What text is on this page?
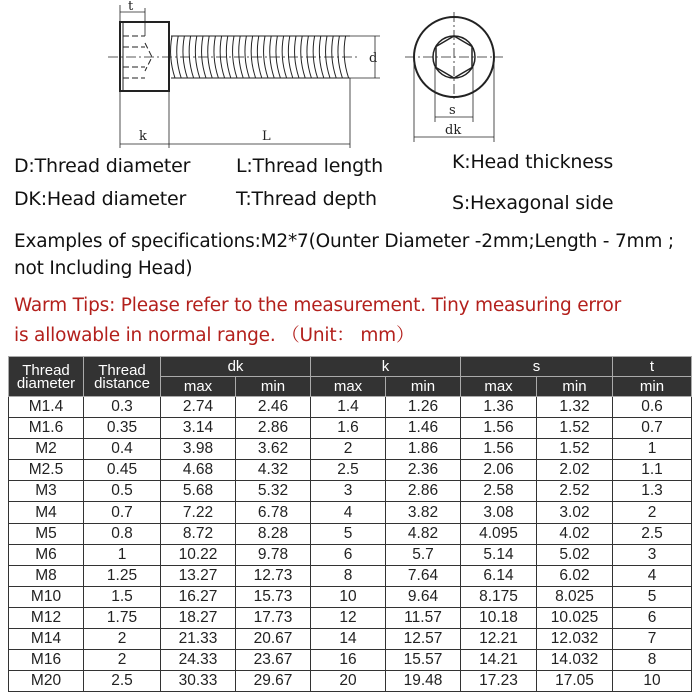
d
t
k	L
s
dk
D:Thread diameter L:Thread length	K:Head thickness
DK:Head diameter	T:Thread depth	S:Hexagonal side
Examples of specifications:M2*7(Ounter Diameter -2mm;Length - 7mm ;
not Including Head)
Warm Tips: Please refer to the measurement. Tiny measuring error
is allowable in normal range. （Unit： mm）
Thread diameter	Thread distance	dk		k		s		t
		max	min	max	min	max	min	min
M1.4	0.3	2.74	2.46	1.4	1.26	1.36	1.32	0.6
M1.6	0.35	3.14	2.86	1.6	1.46	1.56	1.52	0.7
M2	0.4	3.98	3.62	2	1.86	1.56	1.52	1
M2.5	0.45	4.68	4.32	2.5	2.36	2.06	2.02	1.1
M3	0.5	5.68	5.32	3	2.86	2.58	2.52	1.3
M4	0.7	7.22	6.78	4	3.82	3.08	3.02	2
M5	0.8	8.72	8.28	5	4.82	4.095	4.02	2.5
M6	1	10.22	9.78	6	5.7	5.14	5.02	3
M8	1.25	13.27	12.73	8	7.64	6.14	6.02	4
M10	1.5	16.27	15.73	10	9.64	8.175	8.025	5
M12	1.75	18.27	17.73	12	11.57	10.18	10.025	6
M14	2	21.33	20.67	14	12.57	12.21	12.032	7
M16	2	24.33	23.67	16	15.57	14.21	14.032	8
M20	2.5	30.33	29.67	20	19.48	17.23	17.05	10
